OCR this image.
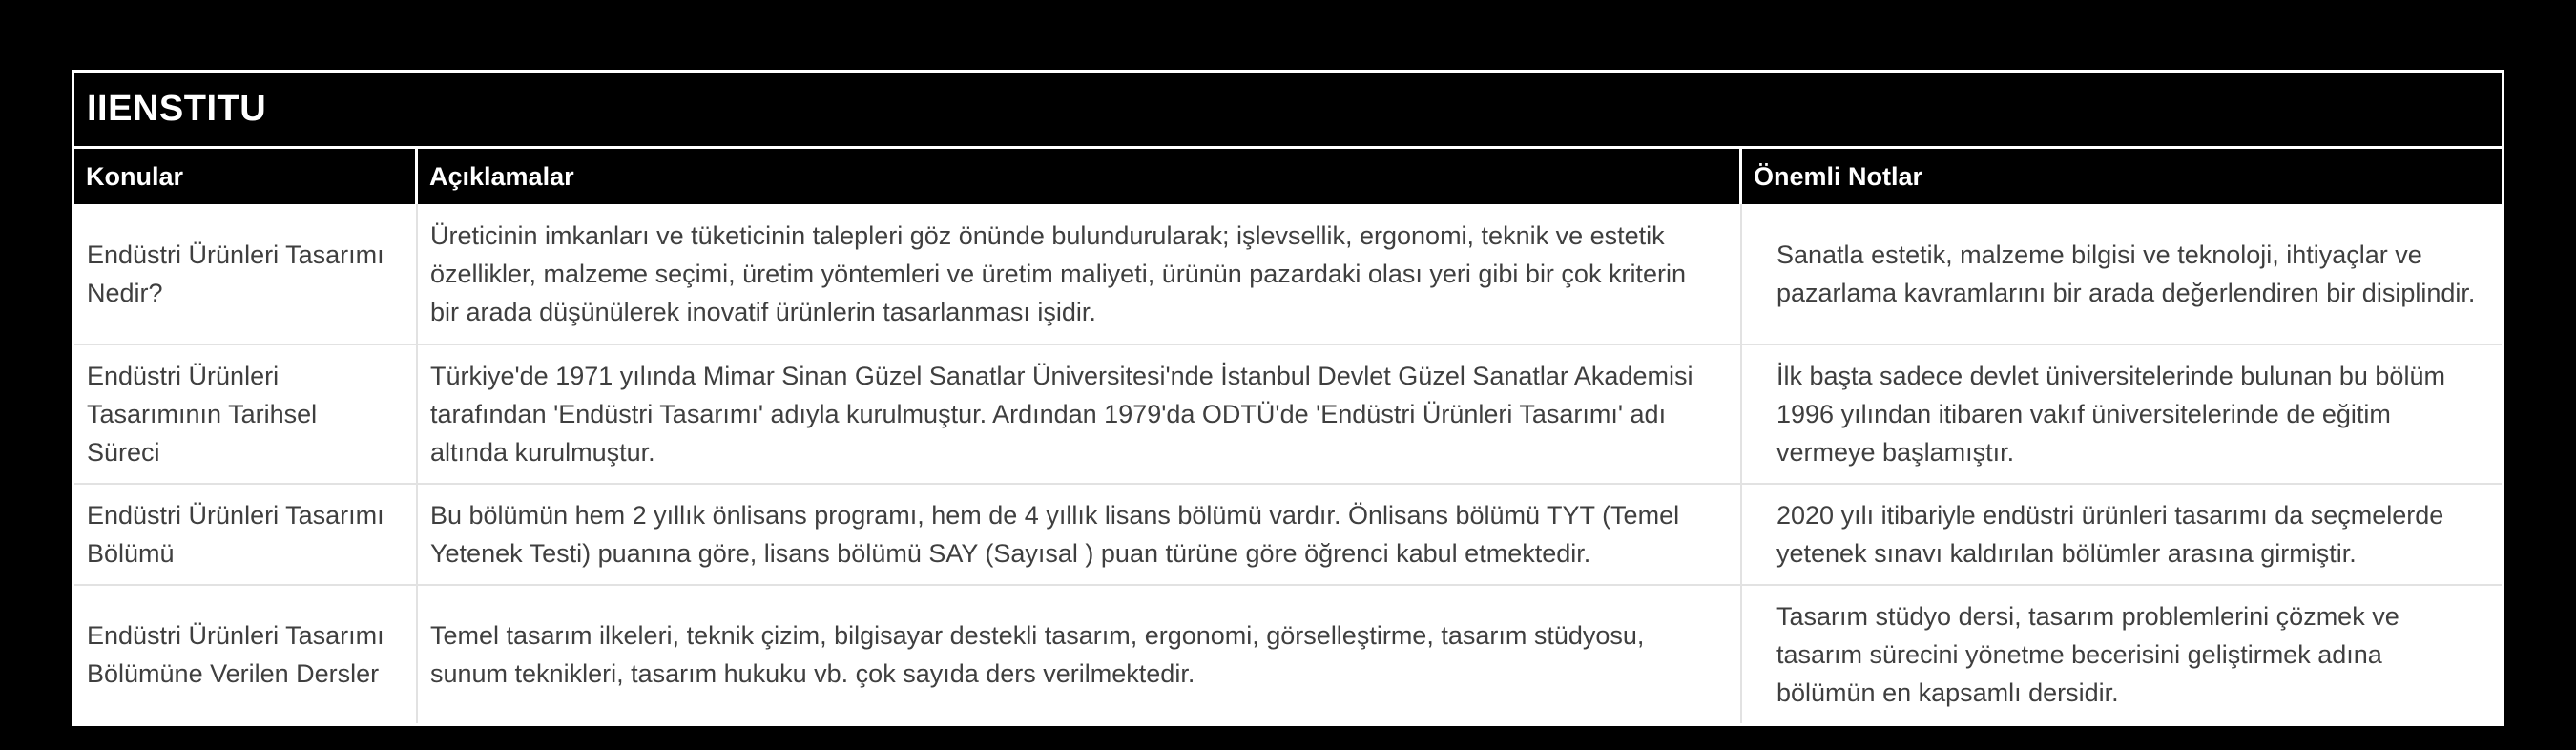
IIENSTITU
Konular	Açıklamalar	Önemli Notlar
Endüstri Ürünleri Tasarımı Nedir?
Üreticinin imkanları ve tüketicinin talepleri göz önünde bulundurularak; işlevsellik, ergonomi, teknik ve estetik özellikler, malzeme seçimi, üretim yöntemleri ve üretim maliyeti, ürünün pazardaki olası yeri gibi bir çok kriterin bir arada düşünülerek inovatif ürünlerin tasarlanması işidir.
Sanatla estetik, malzeme bilgisi ve teknoloji, ihtiyaçlar ve pazarlama kavramlarını bir arada değerlendiren bir disiplindir.
Endüstri Ürünleri Tasarımının Tarihsel Süreci
Türkiye'de 1971 yılında Mimar Sinan Güzel Sanatlar Üniversitesi'nde İstanbul Devlet Güzel Sanatlar Akademisi tarafından 'Endüstri Tasarımı' adıyla kurulmuştur. Ardından 1979'da ODTÜ'de 'Endüstri Ürünleri Tasarımı' adı altında kurulmuştur.
İlk başta sadece devlet üniversitelerinde bulunan bu bölüm 1996 yılından itibaren vakıf üniversitelerinde de eğitim vermeye başlamıştır.
Endüstri Ürünleri Tasarımı Bölümü
Bu bölümün hem 2 yıllık önlisans programı, hem de 4 yıllık lisans bölümü vardır. Önlisans bölümü TYT (Temel Yetenek Testi) puanına göre, lisans bölümü SAY (Sayısal ) puan türüne göre öğrenci kabul etmektedir.
2020 yılı itibariyle endüstri ürünleri tasarımı da seçmelerde yetenek sınavı kaldırılan bölümler arasına girmiştir.
Endüstri Ürünleri Tasarımı Bölümüne Verilen Dersler
Temel tasarım ilkeleri, teknik çizim, bilgisayar destekli tasarım, ergonomi, görselleştirme, tasarım stüdyosu, sunum teknikleri, tasarım hukuku vb. çok sayıda ders verilmektedir.
Tasarım stüdyo dersi, tasarım problemlerini çözmek ve tasarım sürecini yönetme becerisini geliştirmek adına bölümün en kapsamlı dersidir.
